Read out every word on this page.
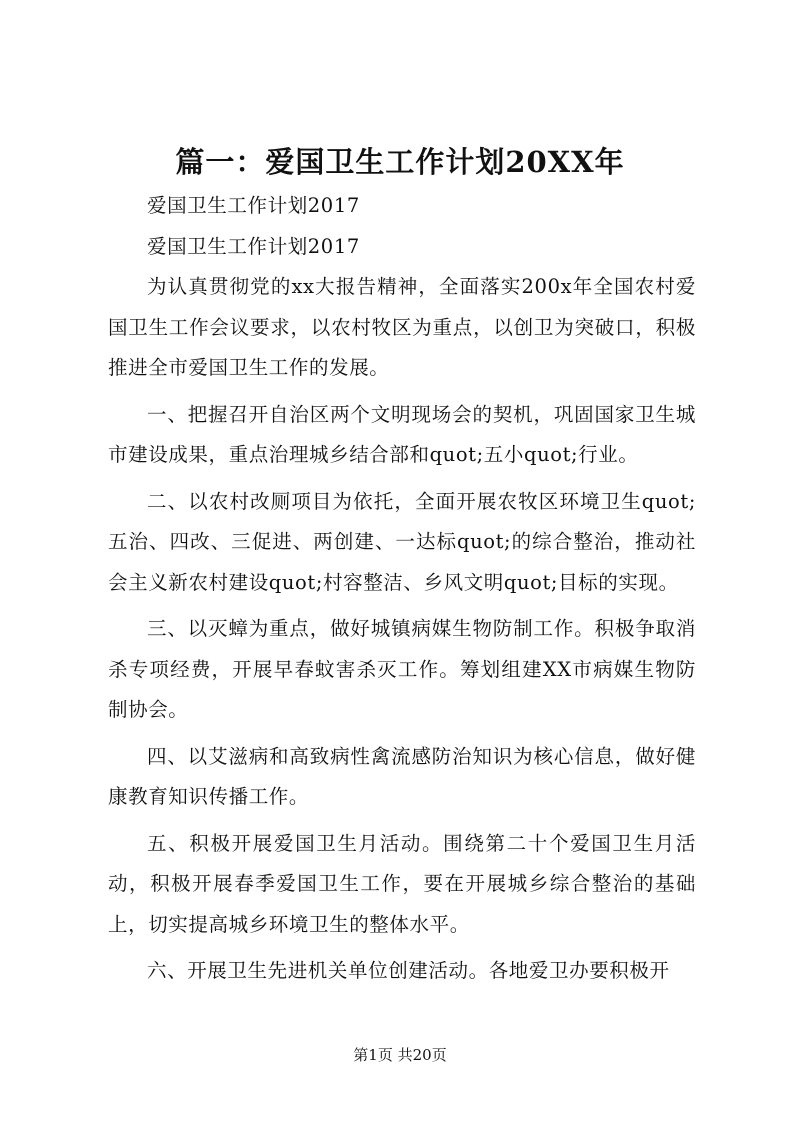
篇一：爱国卫生工作计划20XX年

爱国卫生工作计划2017

爱国卫生工作计划2017

为认真贯彻党的xx大报告精神，全面落实200x年全国农村爱国卫生工作会议要求，以农村牧区为重点，以创卫为突破口，积极推进全市爱国卫生工作的发展。

一、把握召开自治区两个文明现场会的契机，巩固国家卫生城市建设成果，重点治理城乡结合部和quot;五小quot;行业。

二、以农村改厕项目为依托，全面开展农牧区环境卫生quot;五治、四改、三促进、两创建、一达标quot;的综合整治，推动社会主义新农村建设quot;村容整洁、乡风文明quot;目标的实现。

三、以灭蟑为重点，做好城镇病媒生物防制工作。积极争取消杀专项经费，开展早春蚊害杀灭工作。筹划组建XX市病媒生物防制协会。

四、以艾滋病和高致病性禽流感防治知识为核心信息，做好健康教育知识传播工作。

五、积极开展爱国卫生月活动。围绕第二十个爱国卫生月活动，积极开展春季爱国卫生工作，要在开展城乡综合整治的基础上，切实提高城乡环境卫生的整体水平。

六、开展卫生先进机关单位创建活动。各地爱卫办要积极开

第1页 共20页
